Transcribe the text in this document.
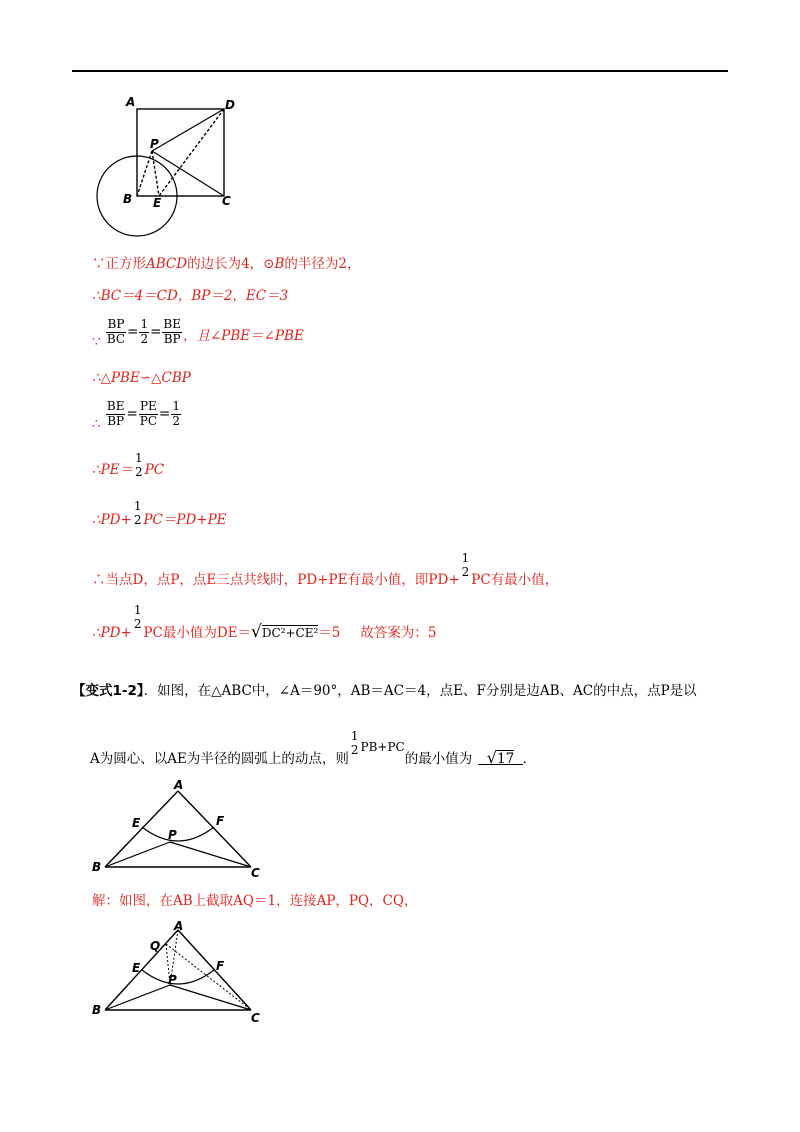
A	D
P
B E	C
∵正方形ABCD的边长为4，⊙B的半径为2，
∴BC＝4＝CD，BP＝2，EC＝3
∵ $\frac{BP}{BC} = \frac{1}{2} = \frac{BE}{BP}$ ，且∠PBE＝∠PBE
∴△PBE∽△CBP
∴ $\frac{BE}{BP} = \frac{PE}{PC} = \frac{1}{2}$
∴PE＝
1
2 PC
∴PD+
1
2 PC＝PD+PE
∴当点D，点P，点E三点共线时，PD+PE有最小值，即PD+
1
2
PC有最小值，
∴PD+
1
2
PC最小值为DE＝√DC²+CE²＝5 故答案为：5
【变式1-2】．如图，在△ABC中，∠A＝90°，AB＝AC＝4，点E、F分别是边AB、AC的中点，点P是以
A为圆心、以AE为半径的圆弧上的动点，则
1
2 PB+PC的最小值为 √17 ．
A
E	F
P
B	C
解：如图，在AB上截取AQ＝1，连接AP，PQ，CQ，
A
Q
E	F
P
B
C
